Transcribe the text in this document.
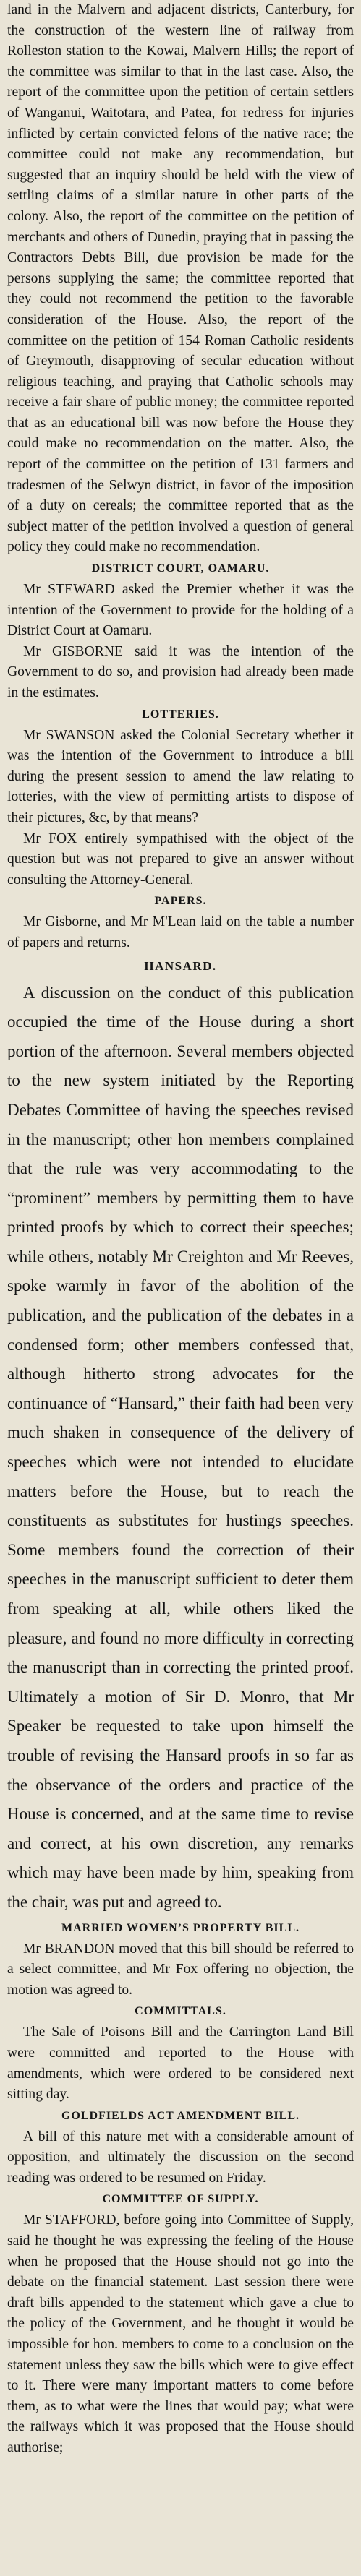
land in the Malvern and adjacent districts, Canterbury, for the construction of the western line of railway from Rolleston station to the Kowai, Malvern Hills; the report of the committee was similar to that in the last case. Also, the report of the committee upon the petition of certain settlers of Wanganui, Waitotara, and Patea, for redress for injuries inflicted by certain convicted felons of the native race; the committee could not make any recommendation, but suggested that an inquiry should be held with the view of settling claims of a similar nature in other parts of the colony. Also, the report of the committee on the petition of merchants and others of Dunedin, praying that in passing the Contractors Debts Bill, due provision be made for the persons supplying the same; the committee reported that they could not recommend the petition to the favorable consideration of the House. Also, the report of the committee on the petition of 154 Roman Catholic residents of Greymouth, disapproving of secular education without religious teaching, and praying that Catholic schools may receive a fair share of public money; the committee reported that as an educational bill was now before the House they could make no recommendation on the matter. Also, the report of the committee on the petition of 131 farmers and tradesmen of the Selwyn district, in favor of the imposition of a duty on cereals; the committee reported that as the subject matter of the petition involved a question of general policy they could make no recommendation.

DISTRICT COURT, OAMARU.

Mr STEWARD asked the Premier whether it was the intention of the Government to provide for the holding of a District Court at Oamaru.

Mr GISBORNE said it was the intention of the Government to do so, and provision had already been made in the estimates.

LOTTERIES.

Mr SWANSON asked the Colonial Secretary whether it was the intention of the Government to introduce a bill during the present session to amend the law relating to lotteries, with the view of permitting artists to dispose of their pictures, &c, by that means?

Mr FOX entirely sympathised with the object of the question but was not prepared to give an answer without consulting the Attorney-General.

PAPERS.

Mr Gisborne, and Mr M'Lean laid on the table a number of papers and returns.

HANSARD.

A discussion on the conduct of this publication occupied the time of the House during a short portion of the afternoon. Several members objected to the new system initiated by the Reporting Debates Committee of having the speeches revised in the manuscript; other hon members complained that the rule was very accommodating to the “prominent” members by permitting them to have printed proofs by which to correct their speeches; while others, notably Mr Creighton and Mr Reeves, spoke warmly in favor of the abolition of the publication, and the publication of the debates in a condensed form; other members confessed that, although hitherto strong advocates for the continuance of “Hansard,” their faith had been very much shaken in consequence of the delivery of speeches which were not intended to elucidate matters before the House, but to reach the constituents as substitutes for hustings speeches. Some members found the correction of their speeches in the manuscript sufficient to deter them from speaking at all, while others liked the pleasure, and found no more difficulty in correcting the manuscript than in correcting the printed proof. Ultimately a motion of Sir D. Monro, that Mr Speaker be requested to take upon himself the trouble of revising the Hansard proofs in so far as the observance of the orders and practice of the House is concerned, and at the same time to revise and correct, at his own discretion, any remarks which may have been made by him, speaking from the chair, was put and agreed to.

MARRIED WOMEN’S PROPERTY BILL.

Mr BRANDON moved that this bill should be referred to a select committee, and Mr Fox offering no objection, the motion was agreed to.

COMMITTALS.

The Sale of Poisons Bill and the Carrington Land Bill were committed and reported to the House with amendments, which were ordered to be considered next sitting day.

GOLDFIELDS ACT AMENDMENT BILL.

A bill of this nature met with a considerable amount of opposition, and ultimately the discussion on the second reading was ordered to be resumed on Friday.

COMMITTEE OF SUPPLY.

Mr STAFFORD, before going into Committee of Supply, said he thought he was expressing the feeling of the House when he proposed that the House should not go into the debate on the financial statement. Last session there were draft bills appended to the statement which gave a clue to the policy of the Government, and he thought it would be impossible for hon. members to come to a conclusion on the statement unless they saw the bills which were to give effect to it. There were many important matters to come before them, as to what were the lines that would pay; what were the railways which it was proposed that the House should authorise;
